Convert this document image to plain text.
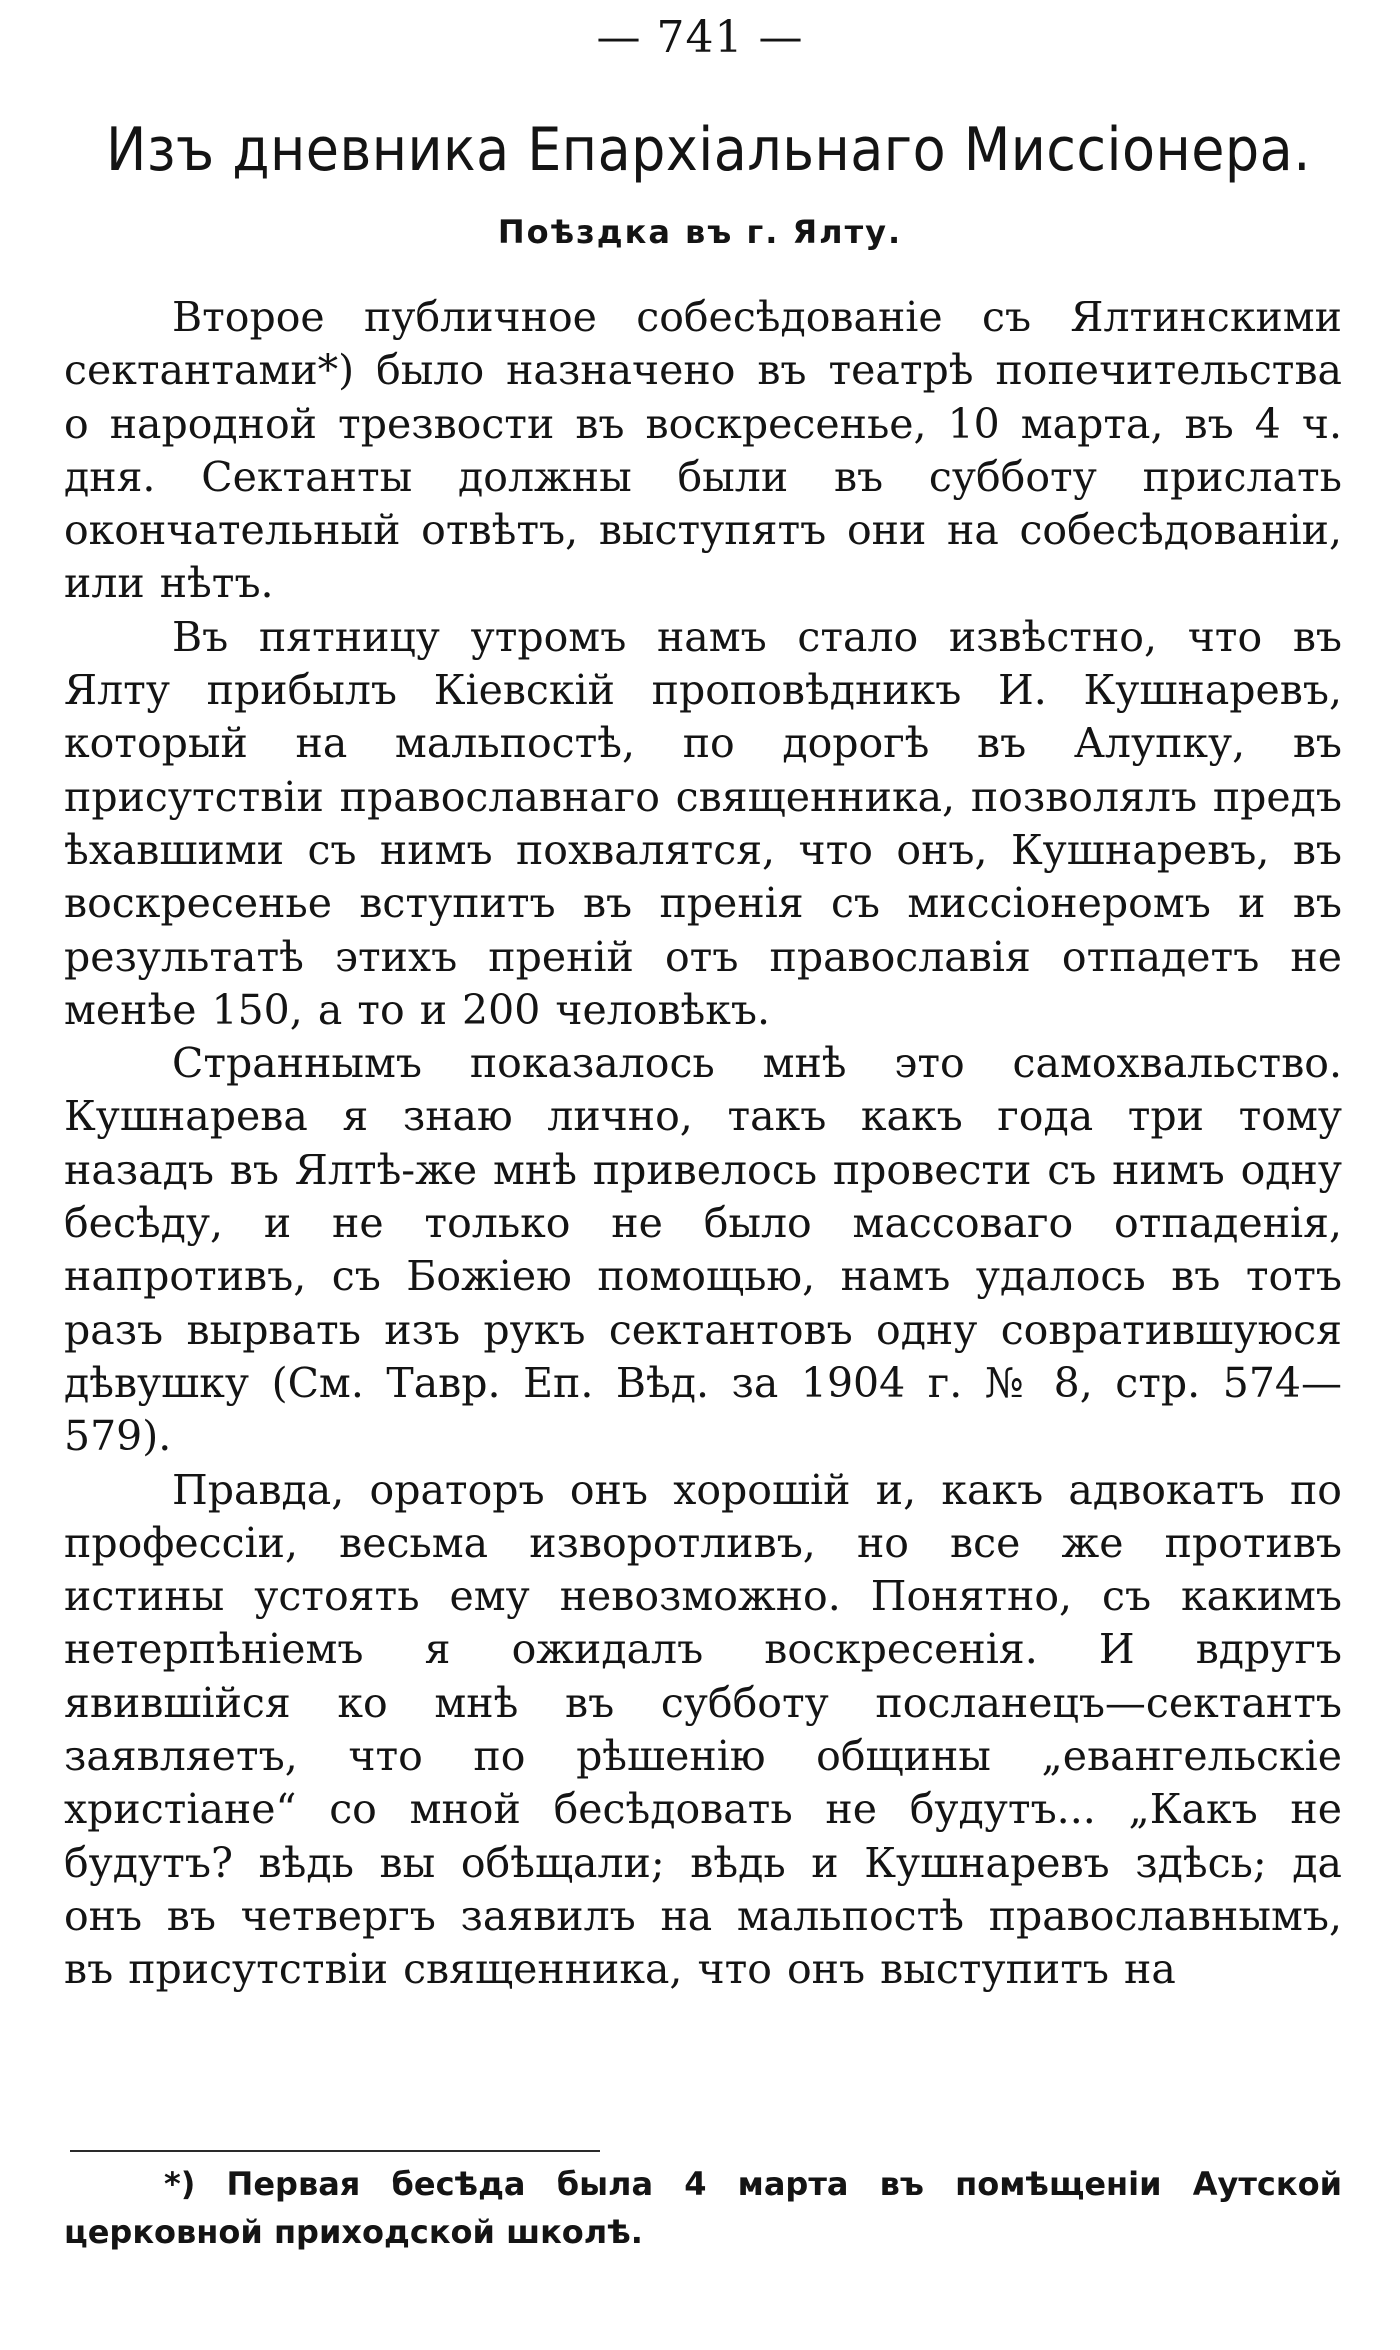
— 741 —
Изъ дневника Епархіальнаго Миссіонера.
Поѣздка въ г. Ялту.

Второе публичное собесѣдованіе съ Ялтинскими сектантами*) было назначено въ театрѣ попечительства о народной трезвости въ воскресенье, 10 марта, въ 4 ч. дня. Сектанты должны были въ субботу прислать окончательный отвѣтъ, выступятъ они на собесѣдованіи, или нѣтъ.

Въ пятницу утромъ намъ стало извѣстно, что въ Ялту прибылъ Кіевскій проповѣдникъ И. Кушнаревъ, который на мальпостѣ, по дорогѣ въ Алупку, въ присутствіи православнаго священника, позволялъ предъ ѣхавшими съ нимъ похвалятся, что онъ, Кушнаревъ, въ воскресенье вступитъ въ пренія съ миссіонеромъ и въ результатѣ этихъ преній отъ православія отпадетъ не менѣе 150, а то и 200 человѣкъ.

Страннымъ показалось мнѣ это самохвальство. Кушнарева я знаю лично, такъ какъ года три тому назадъ въ Ялтѣ-же мнѣ привелось провести съ нимъ одну бесѣду, и не только не было массоваго отпаденія, напротивъ, съ Божіею помощью, намъ удалось въ тотъ разъ вырвать изъ рукъ сектантовъ одну совратившуюся дѣвушку (См. Тавр. Еп. Вѣд. за 1904 г. № 8, стр. 574—579).

Правда, ораторъ онъ хорошій и, какъ адвокатъ по профессіи, весьма изворотливъ, но все же противъ истины устоять ему невозможно. Понятно, съ какимъ нетерпѣніемъ я ожидалъ воскресенія. И вдругъ явившійся ко мнѣ въ субботу посланецъ—сектантъ заявляетъ, что по рѣшенію общины „евангельскіе христіане“ со мной бесѣдовать не будутъ... „Какъ не будутъ? вѣдь вы обѣщали; вѣдь и Кушнаревъ здѣсь; да онъ въ четвергъ заявилъ на мальпостѣ православнымъ, въ присутствіи священника, что онъ выступитъ на

*) Первая бесѣда была 4 марта въ помѣщеніи Аутской церковной приходской школѣ.
